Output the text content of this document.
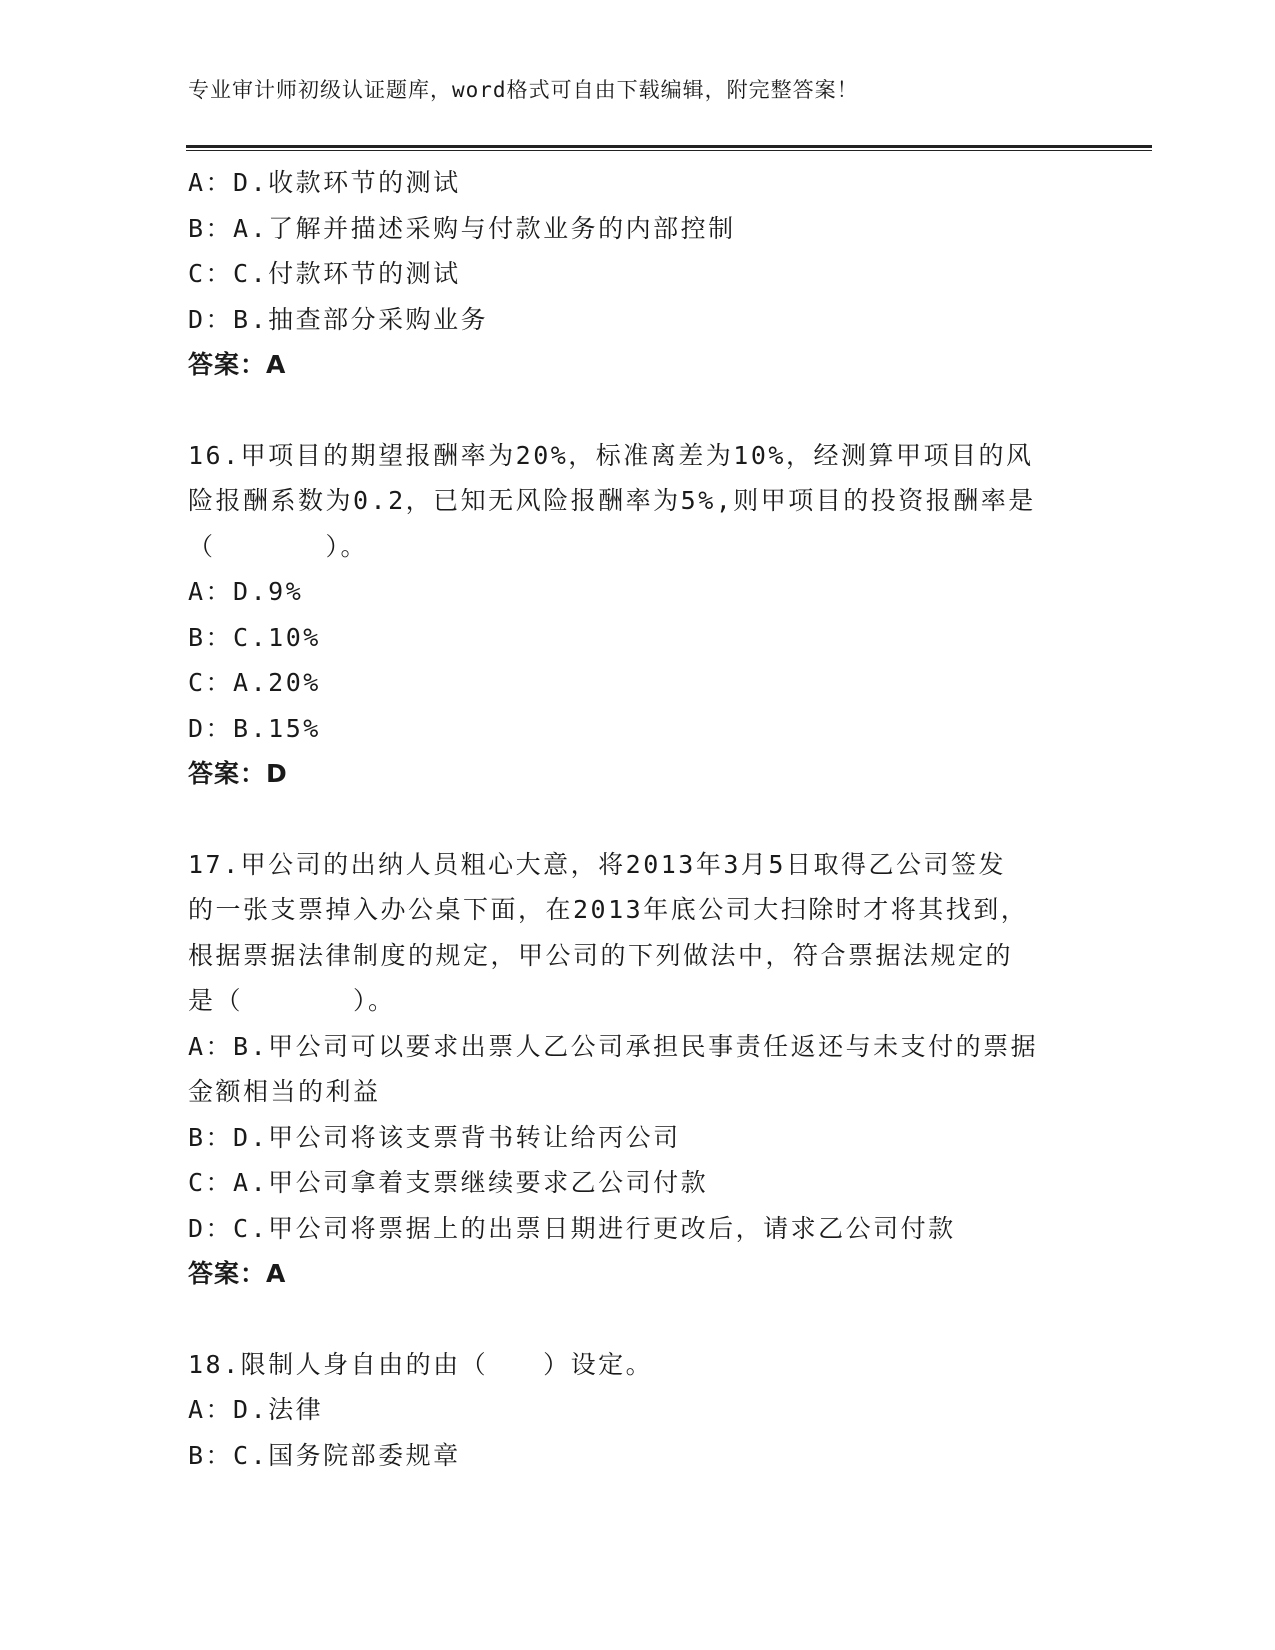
专业审计师初级认证题库，word格式可自由下载编辑，附完整答案！
A：D.收款环节的测试
B：A.了解并描述采购与付款业务的内部控制
C：C.付款环节的测试
D：B.抽查部分采购业务
答案：A
16.甲项目的期望报酬率为20%，标准离差为10%，经测算甲项目的风
险报酬系数为0.2，已知无风险报酬率为5%,则甲项目的投资报酬率是
（　　　　）。
A：D.9%
B：C.10%
C：A.20%
D：B.15%
答案：D
17.甲公司的出纳人员粗心大意，将2013年3月5日取得乙公司签发
的一张支票掉入办公桌下面，在2013年底公司大扫除时才将其找到，
根据票据法律制度的规定，甲公司的下列做法中，符合票据法规定的
是（　　　　）。
A：B.甲公司可以要求出票人乙公司承担民事责任返还与未支付的票据
金额相当的利益
B：D.甲公司将该支票背书转让给丙公司
C：A.甲公司拿着支票继续要求乙公司付款
D：C.甲公司将票据上的出票日期进行更改后，请求乙公司付款
答案：A
18.限制人身自由的由（　　）设定。
A：D.法律
B：C.国务院部委规章
